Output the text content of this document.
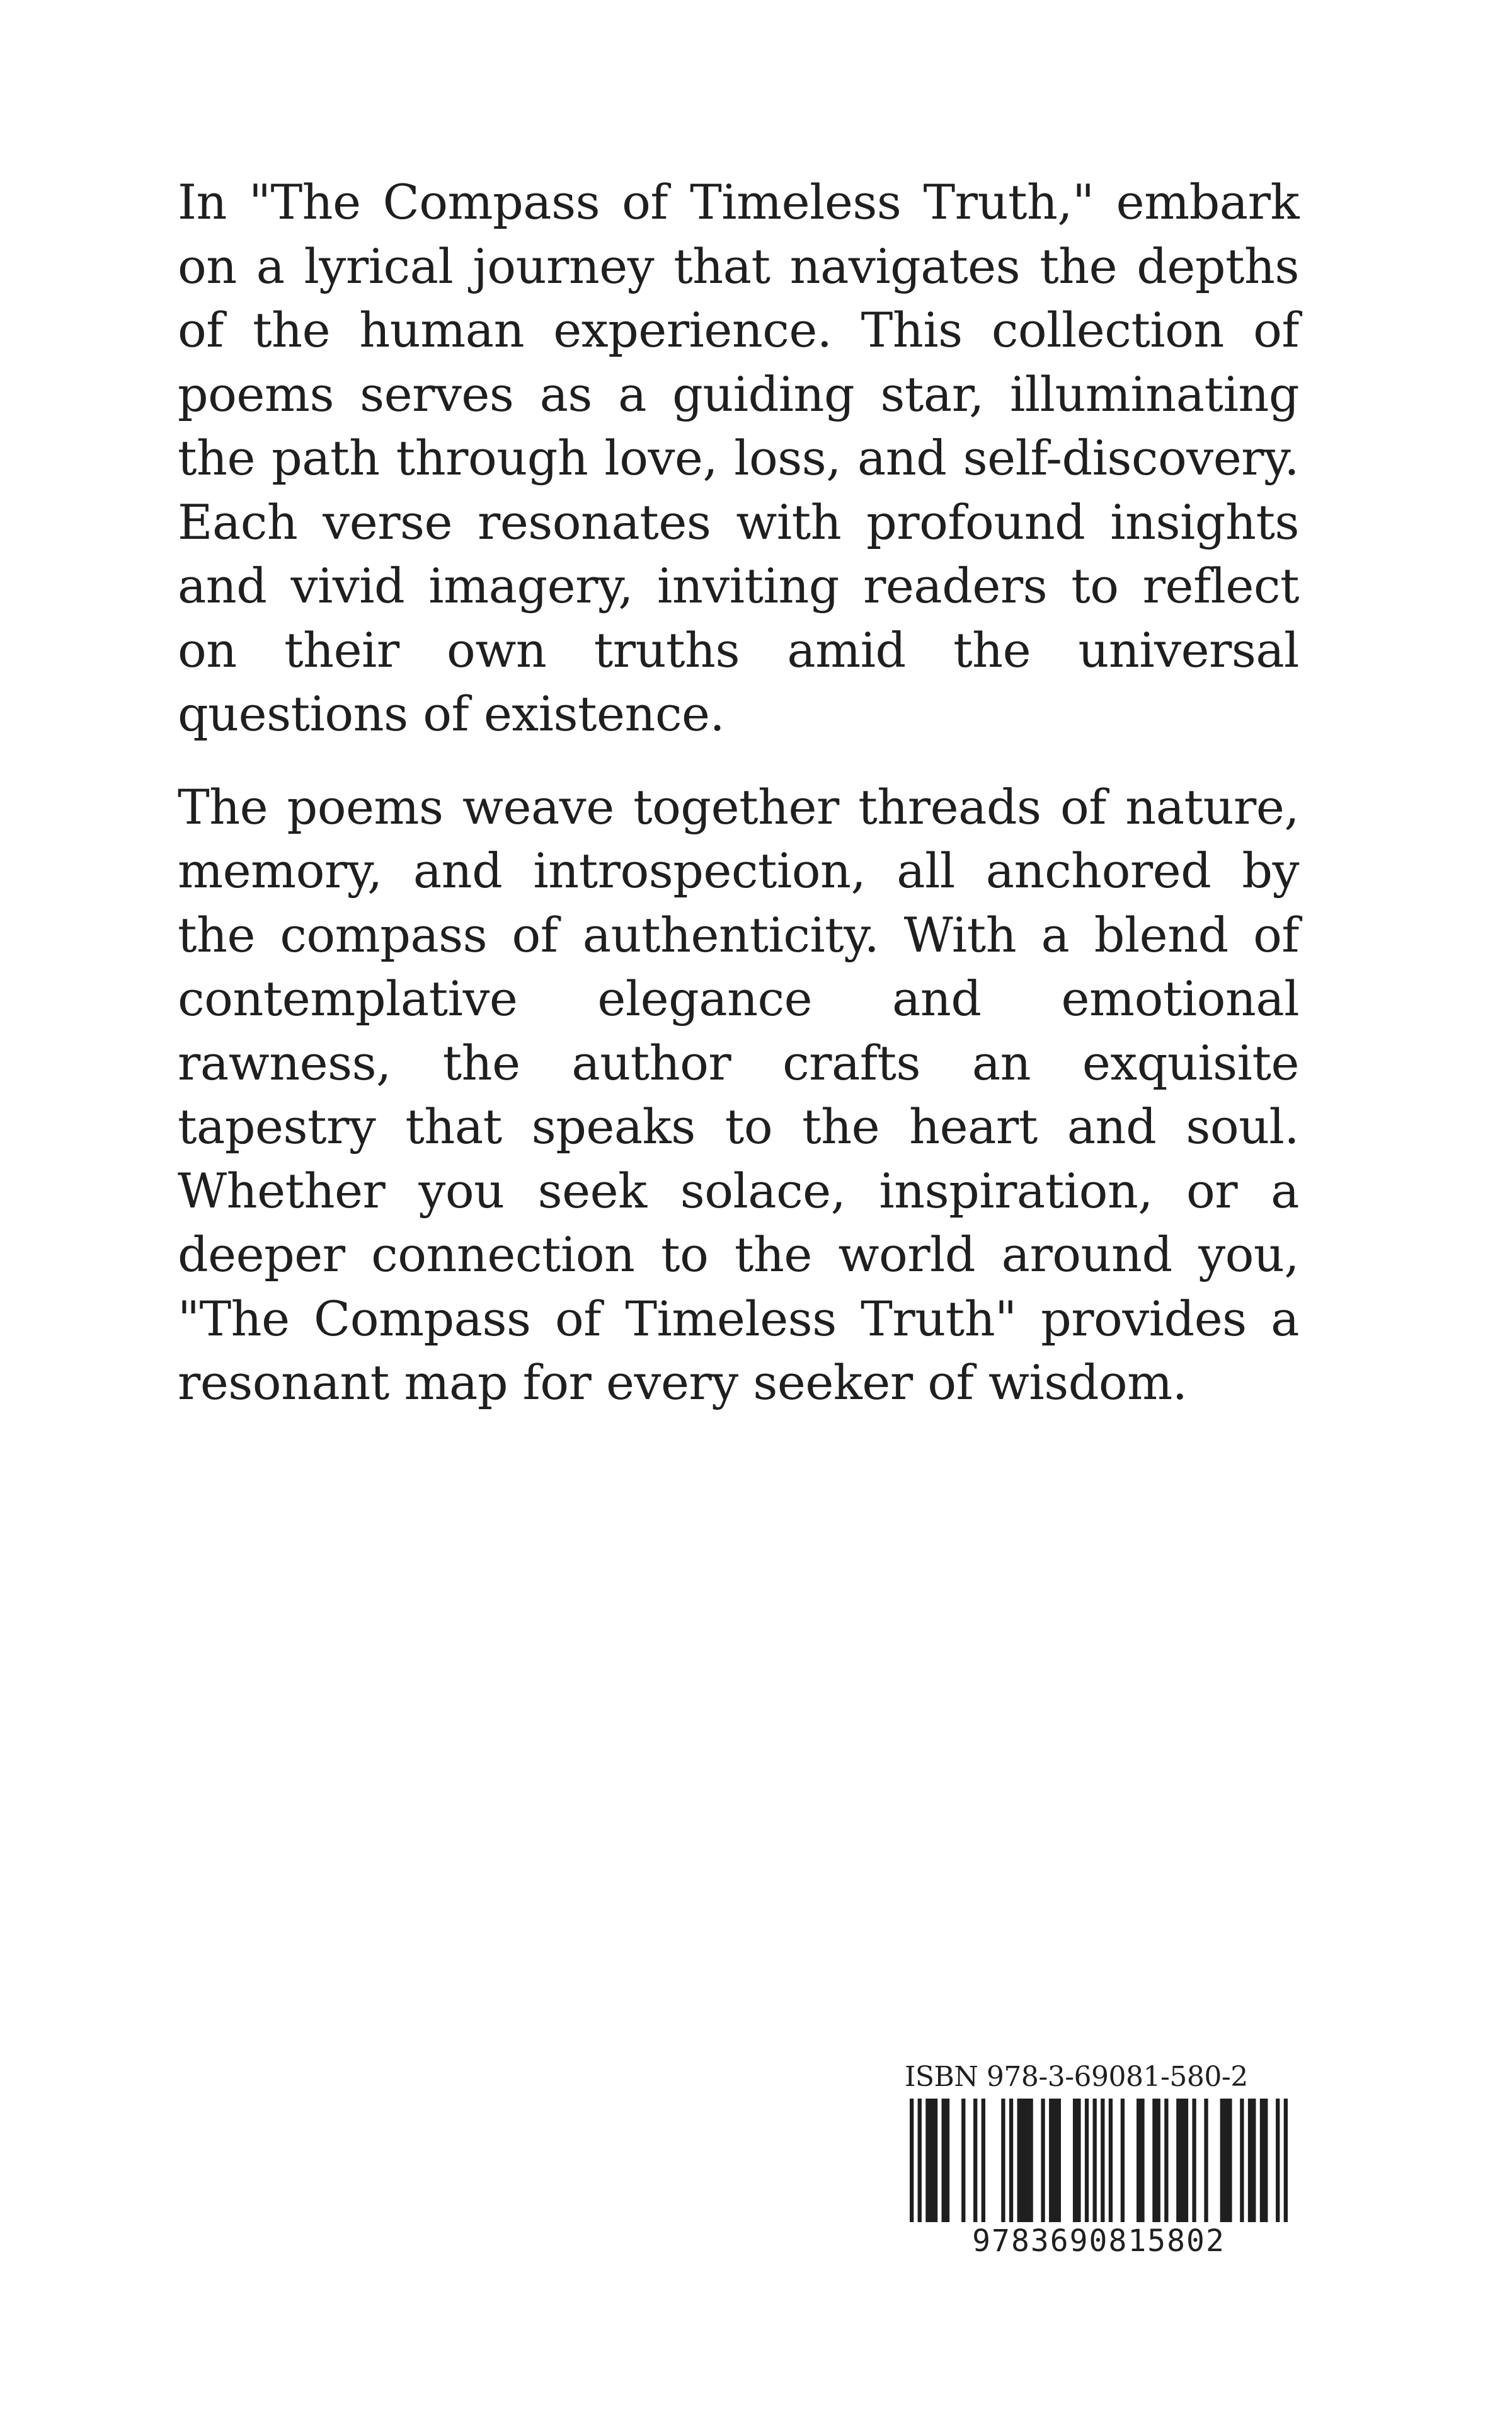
In "The Compass of Timeless Truth," embark on a lyrical journey that navigates the depths of the human experience. This collection of poems serves as a guiding star, illuminating the path through love, loss, and self-discovery. Each verse resonates with profound insights and vivid imagery, inviting readers to reflect on their own truths amid the universal questions of existence.

The poems weave together threads of nature, memory, and introspection, all anchored by the compass of authenticity. With a blend of contemplative elegance and emotional rawness, the author crafts an exquisite tapestry that speaks to the heart and soul. Whether you seek solace, inspiration, or a deeper connection to the world around you, "The Compass of Timeless Truth" provides a resonant map for every seeker of wisdom.

ISBN 978-3-69081-580-2
9783690815802
